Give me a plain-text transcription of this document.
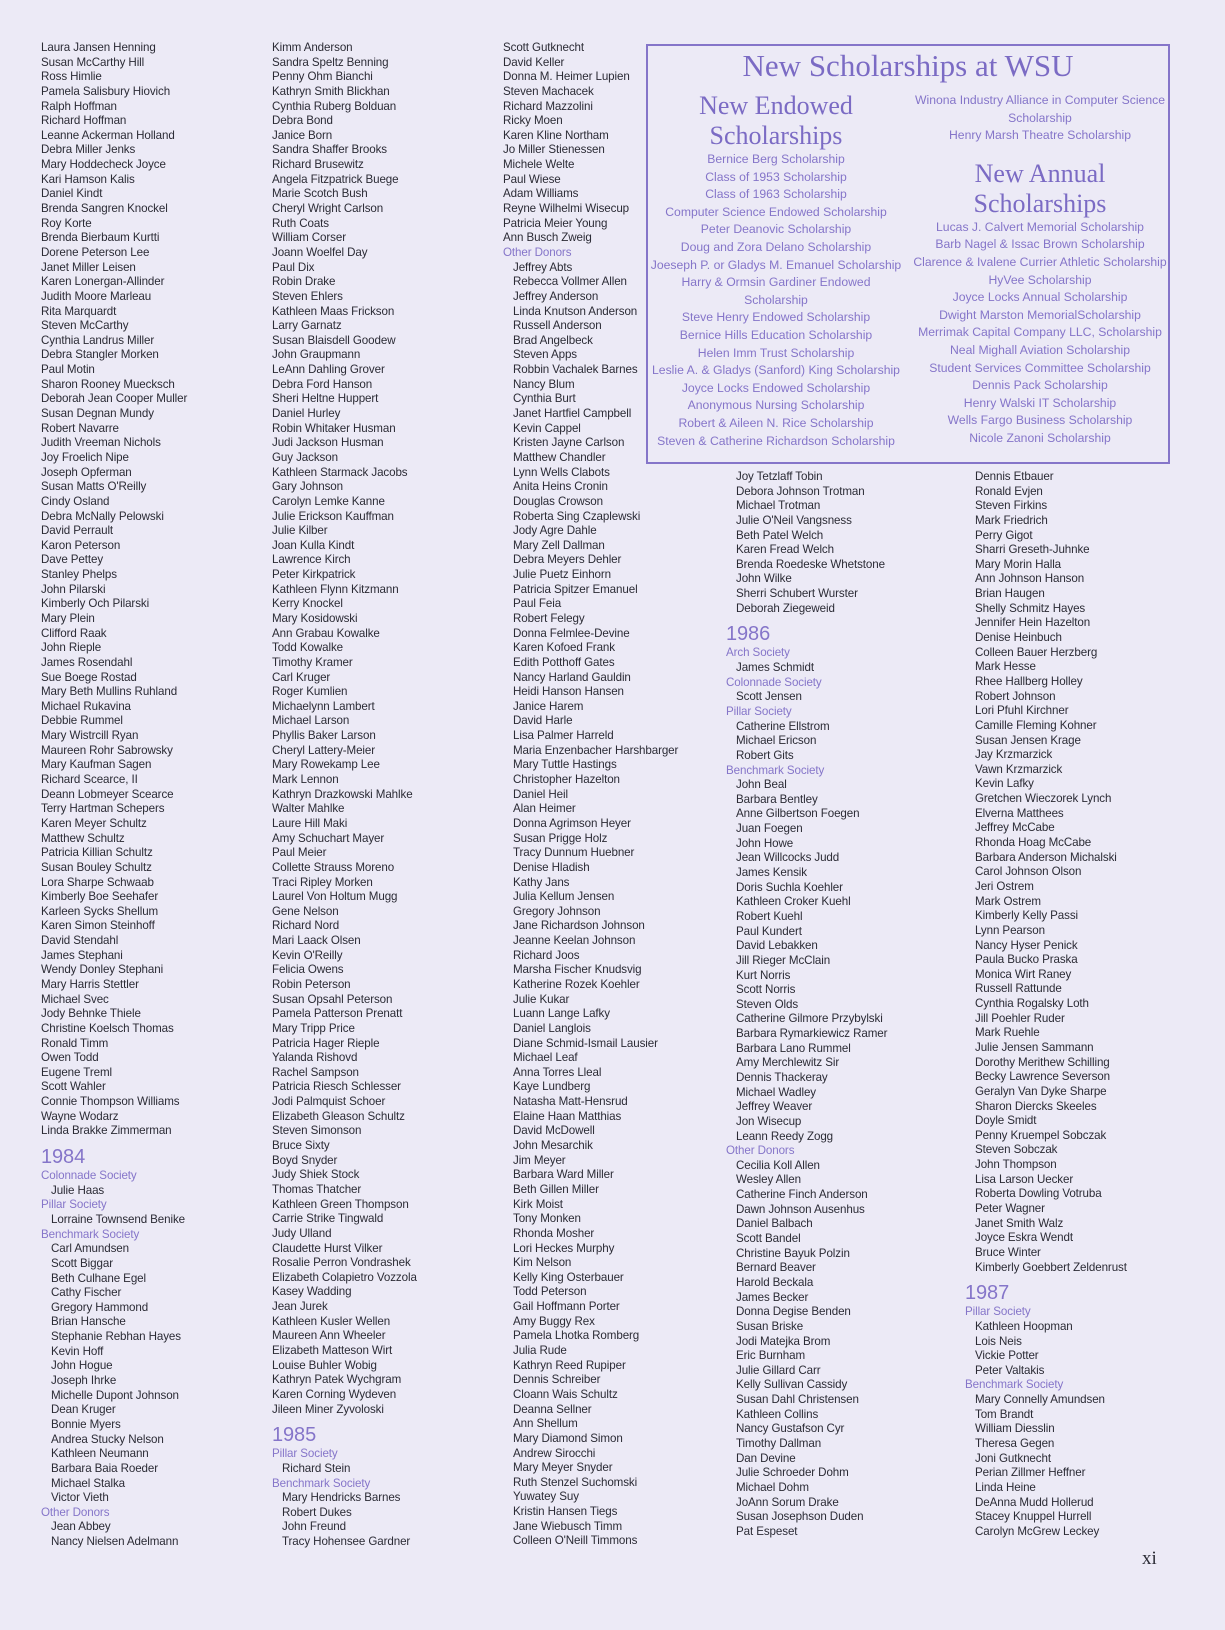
Laura Jansen Henning
Susan McCarthy Hill
Ross Himlie
Pamela Salisbury Hiovich
Ralph Hoffman
Richard Hoffman
Leanne Ackerman Holland
Debra Miller Jenks
Mary Hoddecheck Joyce
Kari Hamson Kalis
Daniel Kindt
Brenda Sangren Knockel
Roy Korte
Brenda Bierbaum Kurtti
Dorene Peterson Lee
Janet Miller Leisen
Karen Lonergan-Allinder
Judith Moore Marleau
Rita Marquardt
Steven McCarthy
Cynthia Landrus Miller
Debra Stangler Morken
Paul Motin
Sharon Rooney Muecksch
Deborah Jean Cooper Muller
Susan Degnan Mundy
Robert Navarre
Judith Vreeman Nichols
Joy Froelich Nipe
Joseph Opferman
Susan Matts O'Reilly
Cindy Osland
Debra McNally Pelowski
David Perrault
Karon Peterson
Dave Pettey
Stanley Phelps
John Pilarski
Kimberly Och Pilarski
Mary Plein
Clifford Raak
John Rieple
James Rosendahl
Sue Boege Rostad
Mary Beth Mullins Ruhland
Michael Rukavina
Debbie Rummel
Mary Wistrcill Ryan
Maureen Rohr Sabrowsky
Mary Kaufman Sagen
Richard Scearce, II
Deann Lobmeyer Scearce
Terry Hartman Schepers
Karen Meyer Schultz
Matthew Schultz
Patricia Killian Schultz
Susan Bouley Schultz
Lora Sharpe Schwaab
Kimberly Boe Seehafer
Karleen Sycks Shellum
Karen Simon Steinhoff
David Stendahl
James Stephani
Wendy Donley Stephani
Mary Harris Stettler
Michael Svec
Jody Behnke Thiele
Christine Koelsch Thomas
Ronald Timm
Owen Todd
Eugene Treml
Scott Wahler
Connie Thompson Williams
Wayne Wodarz
Linda Brakke Zimmerman
1984
Colonnade Society
Julie Haas
Pillar Society
Lorraine Townsend Benike
Benchmark Society
Carl Amundsen
Scott Biggar
Beth Culhane Egel
Cathy Fischer
Gregory Hammond
Brian Hansche
Stephanie Rebhan Hayes
Kevin Hoff
John Hogue
Joseph Ihrke
Michelle Dupont Johnson
Dean Kruger
Bonnie Myers
Andrea Stucky Nelson
Kathleen Neumann
Barbara Baia Roeder
Michael Stalka
Victor Vieth
Other Donors
Jean Abbey
Nancy Nielsen Adelmann
Kimm Anderson
Sandra Speltz Benning
Penny Ohm Bianchi
Kathryn Smith Blickhan
Cynthia Ruberg Bolduan
Debra Bond
Janice Born
Sandra Shaffer Brooks
Richard Brusewitz
Angela Fitzpatrick Buege
Marie Scotch Bush
Cheryl Wright Carlson
Ruth Coats
William Corser
Joann Woelfel Day
Paul Dix
Robin Drake
Steven Ehlers
Kathleen Maas Frickson
Larry Garnatz
Susan Blaisdell Goodew
John Graupmann
LeAnn Dahling Grover
Debra Ford Hanson
Sheri Heltne Huppert
Daniel Hurley
Robin Whitaker Husman
Judi Jackson Husman
Guy Jackson
Kathleen Starmack Jacobs
Gary Johnson
Carolyn Lemke Kanne
Julie Erickson Kauffman
Julie Kilber
Joan Kulla Kindt
Lawrence Kirch
Peter Kirkpatrick
Kathleen Flynn Kitzmann
Kerry Knockel
Mary Kosidowski
Ann Grabau Kowalke
Todd Kowalke
Timothy Kramer
Carl Kruger
Roger Kumlien
Michaelynn Lambert
Michael Larson
Phyllis Baker Larson
Cheryl Lattery-Meier
Mary Rowekamp Lee
Mark Lennon
Kathryn Drazkowski Mahlke
Walter Mahlke
Laure Hill Maki
Amy Schuchart Mayer
Paul Meier
Collette Strauss Moreno
Traci Ripley Morken
Laurel Von Holtum Mugg
Gene Nelson
Richard Nord
Mari Laack Olsen
Kevin O'Reilly
Felicia Owens
Robin Peterson
Susan Opsahl Peterson
Pamela Patterson Prenatt
Mary Tripp Price
Patricia Hager Rieple
Yalanda Rishovd
Rachel Sampson
Patricia Riesch Schlesser
Jodi Palmquist Schoer
Elizabeth Gleason Schultz
Steven Simonson
Bruce Sixty
Boyd Snyder
Judy Shiek Stock
Thomas Thatcher
Kathleen Green Thompson
Carrie Strike Tingwald
Judy Ulland
Claudette Hurst Vilker
Rosalie Perron Vondrashek
Elizabeth Colapietro Vozzola
Kasey Wadding
Jean Jurek
Kathleen Kusler Wellen
Maureen Ann Wheeler
Elizabeth Matteson Wirt
Louise Buhler Wobig
Kathryn Patek Wychgram
Karen Corning Wydeven
Jileen Miner Zyvoloski
1985
Pillar Society
Richard Stein
Benchmark Society
Mary Hendricks Barnes
Robert Dukes
John Freund
Tracy Hohensee Gardner
Scott Gutknecht
David Keller
Donna M. Heimer Lupien
Steven Machacek
Richard Mazzolini
Ricky Moen
Karen Kline Northam
Jo Miller Stienessen
Michele Welte
Paul Wiese
Adam Williams
Reyne Wilhelmi Wisecup
Patricia Meier Young
Ann Busch Zweig
Other Donors
Jeffrey Abts
Rebecca Vollmer Allen
Jeffrey Anderson
Linda Knutson Anderson
Russell Anderson
Brad Angelbeck
Steven Apps
Robbin Vachalek Barnes
Nancy Blum
Cynthia Burt
Janet Hartfiel Campbell
Kevin Cappel
Kristen Jayne Carlson
Matthew Chandler
Lynn Wells Clabots
Anita Heins Cronin
Douglas Crowson
Roberta Sing Czaplewski
Jody Agre Dahle
Mary Zell Dallman
Debra Meyers Dehler
Julie Puetz Einhorn
Patricia Spitzer Emanuel
Paul Feia
Robert Felegy
Donna Felmlee-Devine
Karen Kofoed Frank
Edith Potthoff Gates
Nancy Harland Gauldin
Heidi Hanson Hansen
Janice Harem
David Harle
Lisa Palmer Harreld
Maria Enzenbacher Harshbarger
Mary Tuttle Hastings
Christopher Hazelton
Daniel Heil
Alan Heimer
Donna Agrimson Heyer
Susan Prigge Holz
Tracy Dunnum Huebner
Denise Hladish
Kathy Jans
Julia Kellum Jensen
Gregory Johnson
Jane Richardson Johnson
Jeanne Keelan Johnson
Richard Joos
Marsha Fischer Knudsvig
Katherine Rozek Koehler
Julie Kukar
Luann Lange Lafky
Daniel Langlois
Diane Schmid-Ismail Lausier
Michael Leaf
Anna Torres Lleal
Kaye Lundberg
Natasha Matt-Hensrud
Elaine Haan Matthias
David McDowell
John Mesarchik
Jim Meyer
Barbara Ward Miller
Beth Gillen Miller
Kirk Moist
Tony Monken
Rhonda Mosher
Lori Heckes Murphy
Kim Nelson
Kelly King Osterbauer
Todd Peterson
Gail Hoffmann Porter
Amy Buggy Rex
Pamela Lhotka Romberg
Julia Rude
Kathryn Reed Rupiper
Dennis Schreiber
Cloann Wais Schultz
Deanna Sellner
Ann Shellum
Mary Diamond Simon
Andrew Sirocchi
Mary Meyer Snyder
Ruth Stenzel Suchomski
Yuwatey Suy
Kristin Hansen Tiegs
Jane Wiebusch Timm
Colleen O'Neill Timmons
Joy Tetzlaff Tobin
Debora Johnson Trotman
Michael Trotman
Julie O'Neil Vangsness
Beth Patel Welch
Karen Fread Welch
Brenda Roedeske Whetstone
John Wilke
Sherri Schubert Wurster
Deborah Ziegeweid
1986
Arch Society
James Schmidt
Colonnade Society
Scott Jensen
Pillar Society
Catherine Ellstrom
Michael Ericson
Robert Gits
Benchmark Society
John Beal
Barbara Bentley
Anne Gilbertson Foegen
Juan Foegen
John Howe
Jean Willcocks Judd
James Kensik
Doris Suchla Koehler
Kathleen Croker Kuehl
Robert Kuehl
Paul Kundert
David Lebakken
Jill Rieger McClain
Kurt Norris
Scott Norris
Steven Olds
Catherine Gilmore Przybylski
Barbara Rymarkiewicz Ramer
Barbara Lano Rummel
Amy Merchlewitz Sir
Dennis Thackeray
Michael Wadley
Jeffrey Weaver
Jon Wisecup
Leann Reedy Zogg
Other Donors
Cecilia Koll Allen
Wesley Allen
Catherine Finch Anderson
Dawn Johnson Ausenhus
Daniel Balbach
Scott Bandel
Christine Bayuk Polzin
Bernard Beaver
Harold Beckala
James Becker
Donna Degise Benden
Susan Briske
Jodi Matejka Brom
Eric Burnham
Julie Gillard Carr
Kelly Sullivan Cassidy
Susan Dahl Christensen
Kathleen Collins
Nancy Gustafson Cyr
Timothy Dallman
Dan Devine
Julie Schroeder Dohm
Michael Dohm
JoAnn Sorum Drake
Susan Josephson Duden
Pat Espeset
Dennis Etbauer
Ronald Evjen
Steven Firkins
Mark Friedrich
Perry Gigot
Sharri Greseth-Juhnke
Mary Morin Halla
Ann Johnson Hanson
Brian Haugen
Shelly Schmitz Hayes
Jennifer Hein Hazelton
Denise Heinbuch
Colleen Bauer Herzberg
Mark Hesse
Rhee Hallberg Holley
Robert Johnson
Lori Pfuhl Kirchner
Camille Fleming Kohner
Susan Jensen Krage
Jay Krzmarzick
Vawn Krzmarzick
Kevin Lafky
Gretchen Wieczorek Lynch
Elverna Matthees
Jeffrey McCabe
Rhonda Hoag McCabe
Barbara Anderson Michalski
Carol Johnson Olson
Jeri Ostrem
Mark Ostrem
Kimberly Kelly Passi
Lynn Pearson
Nancy Hyser Penick
Paula Bucko Praska
Monica Wirt Raney
Russell Rattunde
Cynthia Rogalsky Loth
Jill Poehler Ruder
Mark Ruehle
Julie Jensen Sammann
Dorothy Merithew Schilling
Becky Lawrence Severson
Geralyn Van Dyke Sharpe
Sharon Diercks Skeeles
Doyle Smidt
Penny Kruempel Sobczak
Steven Sobczak
John Thompson
Lisa Larson Uecker
Roberta Dowling Votruba
Peter Wagner
Janet Smith Walz
Joyce Eskra Wendt
Bruce Winter
Kimberly Goebbert Zeldenrust
1987
Pillar Society
Kathleen Hoopman
Lois Neis
Vickie Potter
Peter Valtakis
Benchmark Society
Mary Connelly Amundsen
Tom Brandt
William Diesslin
Theresa Gegen
Joni Gutknecht
Perian Zillmer Heffner
Linda Heine
DeAnna Mudd Hollerud
Stacey Knuppel Hurrell
Carolyn McGrew Leckey
New Scholarships at WSU
New Endowed Scholarships
Bernice Berg Scholarship
Class of 1953 Scholarship
Class of 1963 Scholarship
Computer Science Endowed Scholarship
Peter Deanovic Scholarship
Doug and Zora Delano Scholarship
Joeseph P. or Gladys M. Emanuel Scholarship
Harry & Ormsin Gardiner Endowed Scholarship
Steve Henry Endowed Scholarship
Bernice Hills Education Scholarship
Helen Imm Trust Scholarship
Leslie A. & Gladys (Sanford) King Scholarship
Joyce Locks Endowed Scholarship
Anonymous Nursing Scholarship
Robert & Aileen N. Rice Scholarship
Steven & Catherine Richardson Scholarship
Winona Industry Alliance in Computer Science Scholarship
Henry Marsh Theatre Scholarship
New Annual Scholarships
Lucas J. Calvert Memorial Scholarship
Barb Nagel & Issac Brown Scholarship
Clarence & Ivalene Currier Athletic Scholarship
HyVee Scholarship
Joyce Locks Annual Scholarship
Dwight Marston MemorialScholarship
Merrimak Capital Company LLC, Scholarship
Neal Mighall Aviation Scholarship
Student Services Committee Scholarship
Dennis Pack Scholarship
Henry Walski IT Scholarship
Wells Fargo Business Scholarship
Nicole Zanoni Scholarship
xi
